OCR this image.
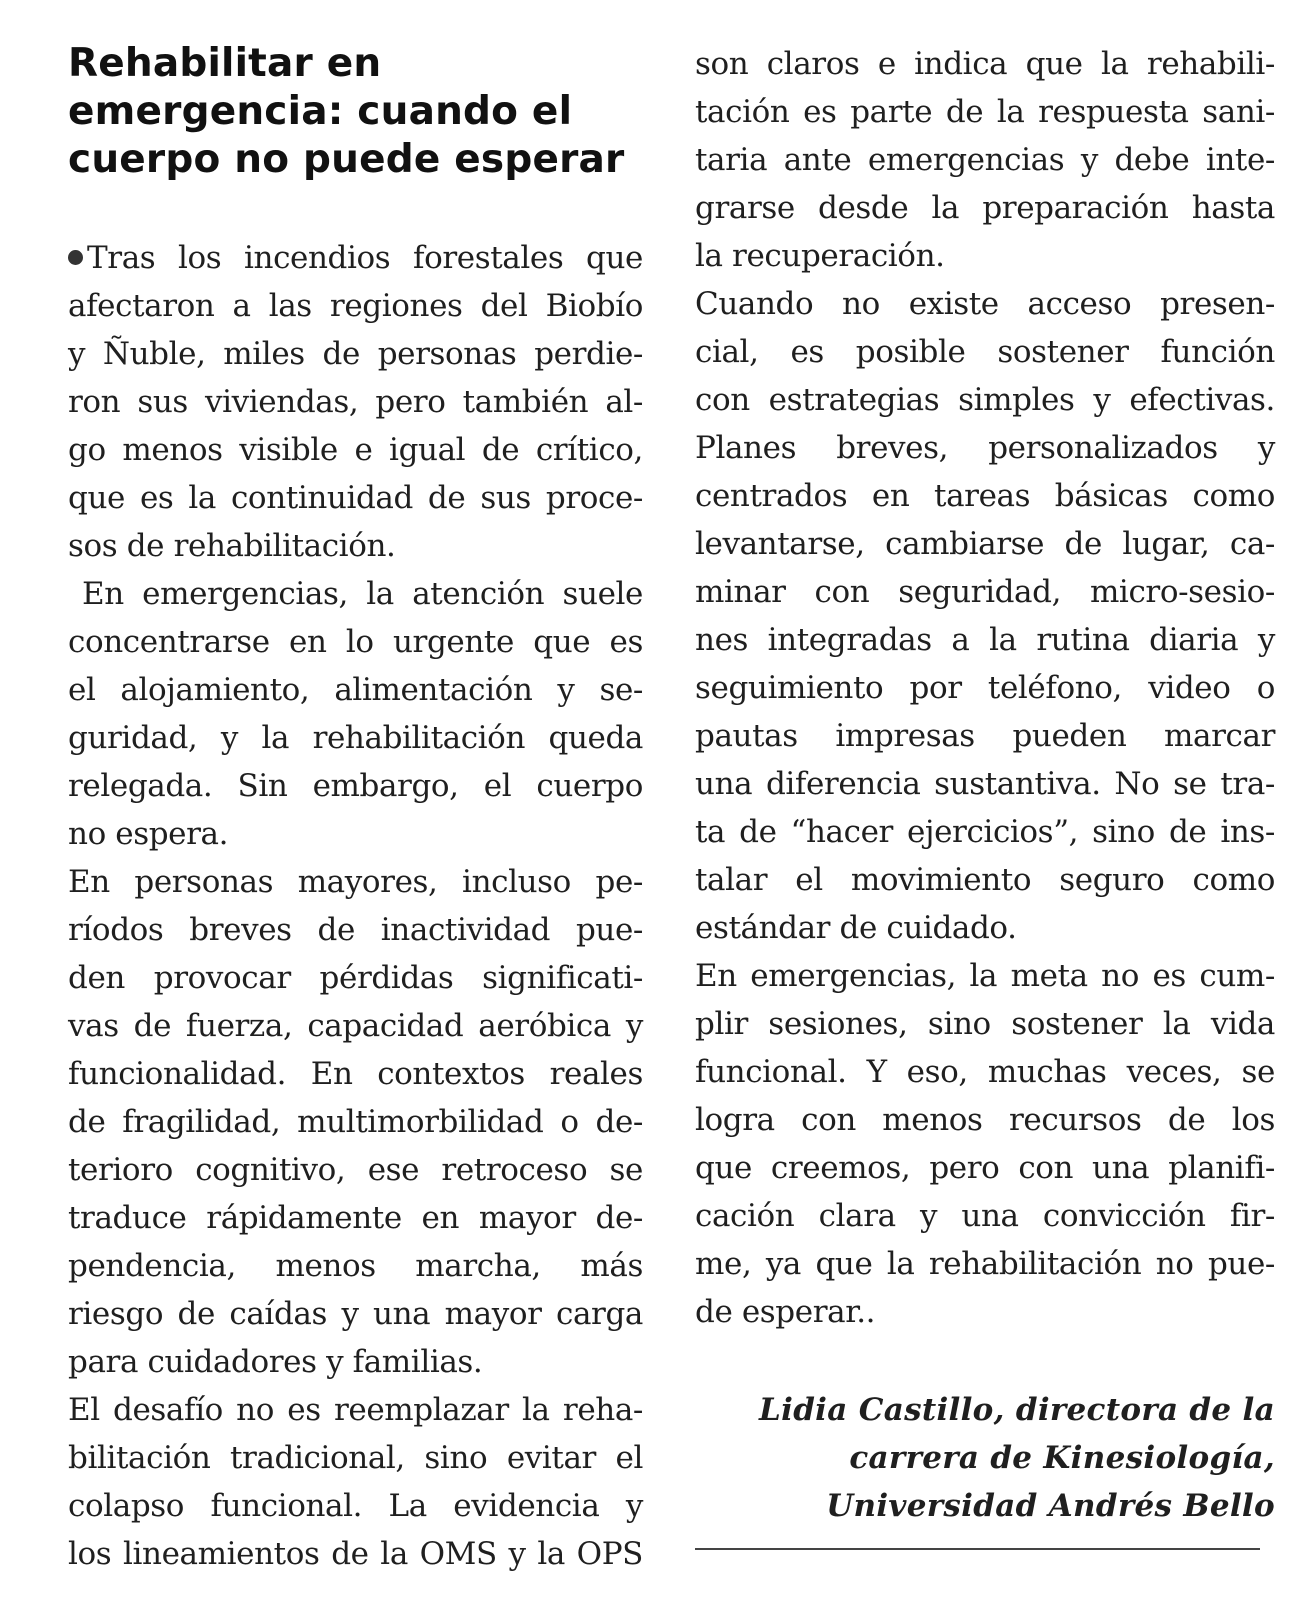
Rehabilitar en
emergencia: cuando el
cuerpo no puede esperar
Tras los incendios forestales que
afectaron a las regiones del Biobío
y Ñuble, miles de personas perdie-
ron sus viviendas, pero también al-
go menos visible e igual de crítico,
que es la continuidad de sus proce-
sos de rehabilitación.
En emergencias, la atención suele
concentrarse en lo urgente que es
el alojamiento, alimentación y se-
guridad, y la rehabilitación queda
relegada. Sin embargo, el cuerpo
no espera.
En personas mayores, incluso pe-
ríodos breves de inactividad pue-
den provocar pérdidas significati-
vas de fuerza, capacidad aeróbica y
funcionalidad. En contextos reales
de fragilidad, multimorbilidad o de-
terioro cognitivo, ese retroceso se
traduce rápidamente en mayor de-
pendencia, menos marcha, más
riesgo de caídas y una mayor carga
para cuidadores y familias.
El desafío no es reemplazar la reha-
bilitación tradicional, sino evitar el
colapso funcional. La evidencia y
los lineamientos de la OMS y la OPS
son claros e indica que la rehabili-
tación es parte de la respuesta sani-
taria ante emergencias y debe inte-
grarse desde la preparación hasta
la recuperación.
Cuando no existe acceso presen-
cial, es posible sostener función
con estrategias simples y efectivas.
Planes breves, personalizados y
centrados en tareas básicas como
levantarse, cambiarse de lugar, ca-
minar con seguridad, micro-sesio-
nes integradas a la rutina diaria y
seguimiento por teléfono, video o
pautas impresas pueden marcar
una diferencia sustantiva. No se tra-
ta de “hacer ejercicios”, sino de ins-
talar el movimiento seguro como
estándar de cuidado.
En emergencias, la meta no es cum-
plir sesiones, sino sostener la vida
funcional. Y eso, muchas veces, se
logra con menos recursos de los
que creemos, pero con una planifi-
cación clara y una convicción fir-
me, ya que la rehabilitación no pue-
de esperar..
Lidia Castillo, directora de la
carrera de Kinesiología,
Universidad Andrés Bello
